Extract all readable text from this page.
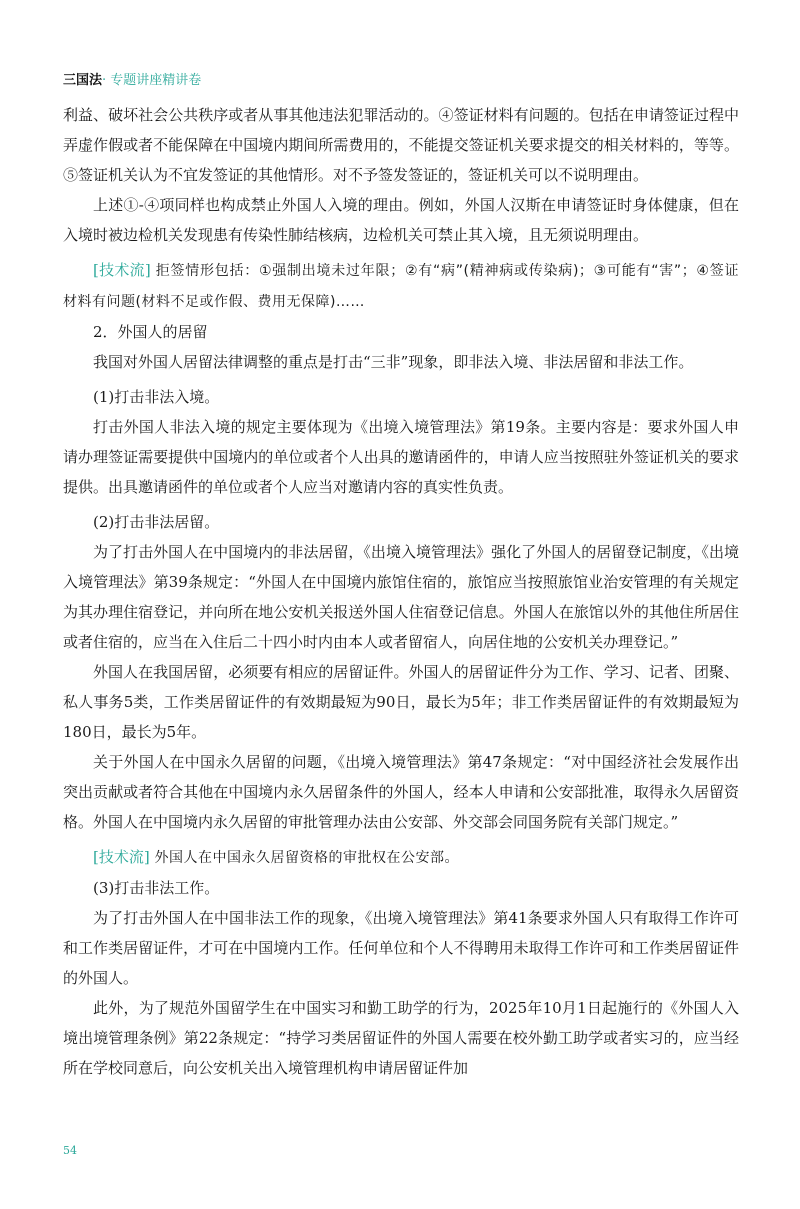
三国法· 专题讲座精讲卷

利益、破坏社会公共秩序或者从事其他违法犯罪活动的。④签证材料有问题的。包括在申请签证过程中弄虚作假或者不能保障在中国境内期间所需费用的，不能提交签证机关要求提交的相关材料的，等等。⑤签证机关认为不宜发签证的其他情形。对不予签发签证的，签证机关可以不说明理由。

上述①-④项同样也构成禁止外国人入境的理由。例如，外国人汉斯在申请签证时身体健康，但在入境时被边检机关发现患有传染性肺结核病，边检机关可禁止其入境，且无须说明理由。

[技术流] 拒签情形包括：①强制出境未过年限；②有“病”(精神病或传染病)；③可能有“害”；④签证材料有问题(材料不足或作假、费用无保障)……

2．外国人的居留

我国对外国人居留法律调整的重点是打击“三非”现象，即非法入境、非法居留和非法工作。

(1)打击非法入境。

打击外国人非法入境的规定主要体现为《出境入境管理法》第19条。主要内容是：要求外国人申请办理签证需要提供中国境内的单位或者个人出具的邀请函件的，申请人应当按照驻外签证机关的要求提供。出具邀请函件的单位或者个人应当对邀请内容的真实性负责。

(2)打击非法居留。

为了打击外国人在中国境内的非法居留，《出境入境管理法》强化了外国人的居留登记制度，《出境入境管理法》第39条规定：“外国人在中国境内旅馆住宿的，旅馆应当按照旅馆业治安管理的有关规定为其办理住宿登记，并向所在地公安机关报送外国人住宿登记信息。外国人在旅馆以外的其他住所居住或者住宿的，应当在入住后二十四小时内由本人或者留宿人，向居住地的公安机关办理登记。”

外国人在我国居留，必须要有相应的居留证件。外国人的居留证件分为工作、学习、记者、团聚、私人事务5类，工作类居留证件的有效期最短为90日，最长为5年；非工作类居留证件的有效期最短为180日，最长为5年。

关于外国人在中国永久居留的问题，《出境入境管理法》第47条规定：“对中国经济社会发展作出突出贡献或者符合其他在中国境内永久居留条件的外国人，经本人申请和公安部批准，取得永久居留资格。外国人在中国境内永久居留的审批管理办法由公安部、外交部会同国务院有关部门规定。”

[技术流] 外国人在中国永久居留资格的审批权在公安部。

(3)打击非法工作。

为了打击外国人在中国非法工作的现象，《出境入境管理法》第41条要求外国人只有取得工作许可和工作类居留证件，才可在中国境内工作。任何单位和个人不得聘用未取得工作许可和工作类居留证件的外国人。

此外，为了规范外国留学生在中国实习和勤工助学的行为，2025年10月1日起施行的《外国人入境出境管理条例》第22条规定：“持学习类居留证件的外国人需要在校外勤工助学或者实习的，应当经所在学校同意后，向公安机关出入境管理机构申请居留证件加

54
